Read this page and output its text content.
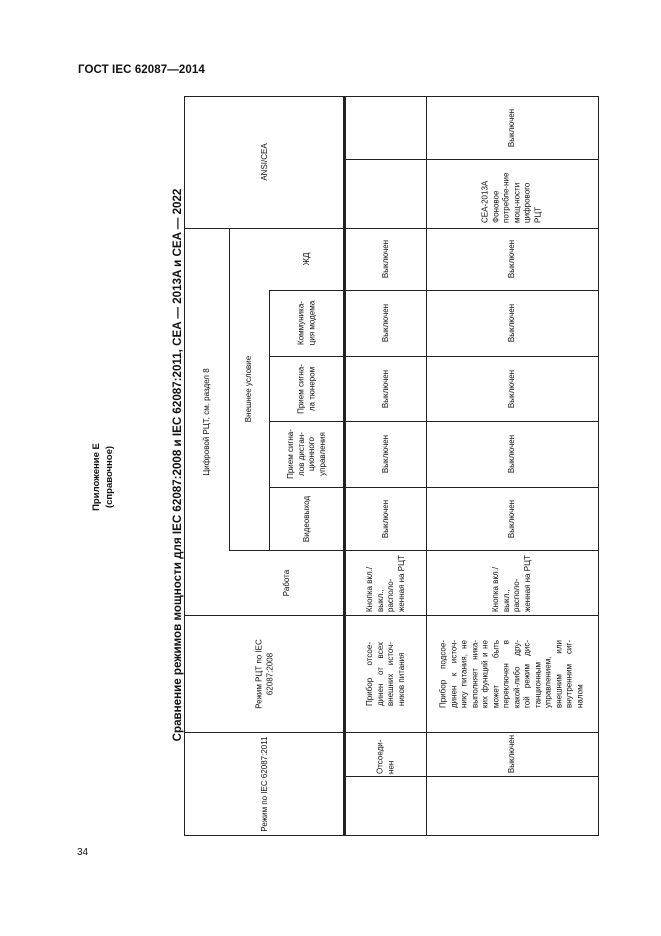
ГОСТ IEC 62087—2014
Приложение Е (справочное)	Сравнение режимов мощности для IEC 62087:2008 и IEC 62087:2011, CEA — 2013A и CEA — 2022
Режим по IEC 62087:2011
Режим РЦТ по IEC 62087:2008
Цифровой РЦТ, см. раздел 8
Работа
Внешнее условие
Видеовыход
Прием сигна-лов дистан-ционного управления
Прием сигна-ла тюнером
Коммуника-ция модема
ЖД
ANSI/CEA
Отсоеди-нен
Прибор отсое-динен от всех внешних источ-ников питания
Кнопка вкл./выкл., располо-женная на РЦТ
Выключен
Выключен
Выключен
Выключен
Выключен
Выключен
Прибор подсое-динен к источ-нику питания, не выполняет ника-ких функций и не может быть переключен в какой-либо дру-гой режим дис-танционным управлением, внешним или внутренним сиг-налом
Кнопка вкл./выкл., располо-женная на РЦТ
Выключен
Выключен
Выключен
Выключен
Выключен
CEA-2013A Фоновое потребле-ние мощ-ности цифрового РЦТ
Выключен
34
